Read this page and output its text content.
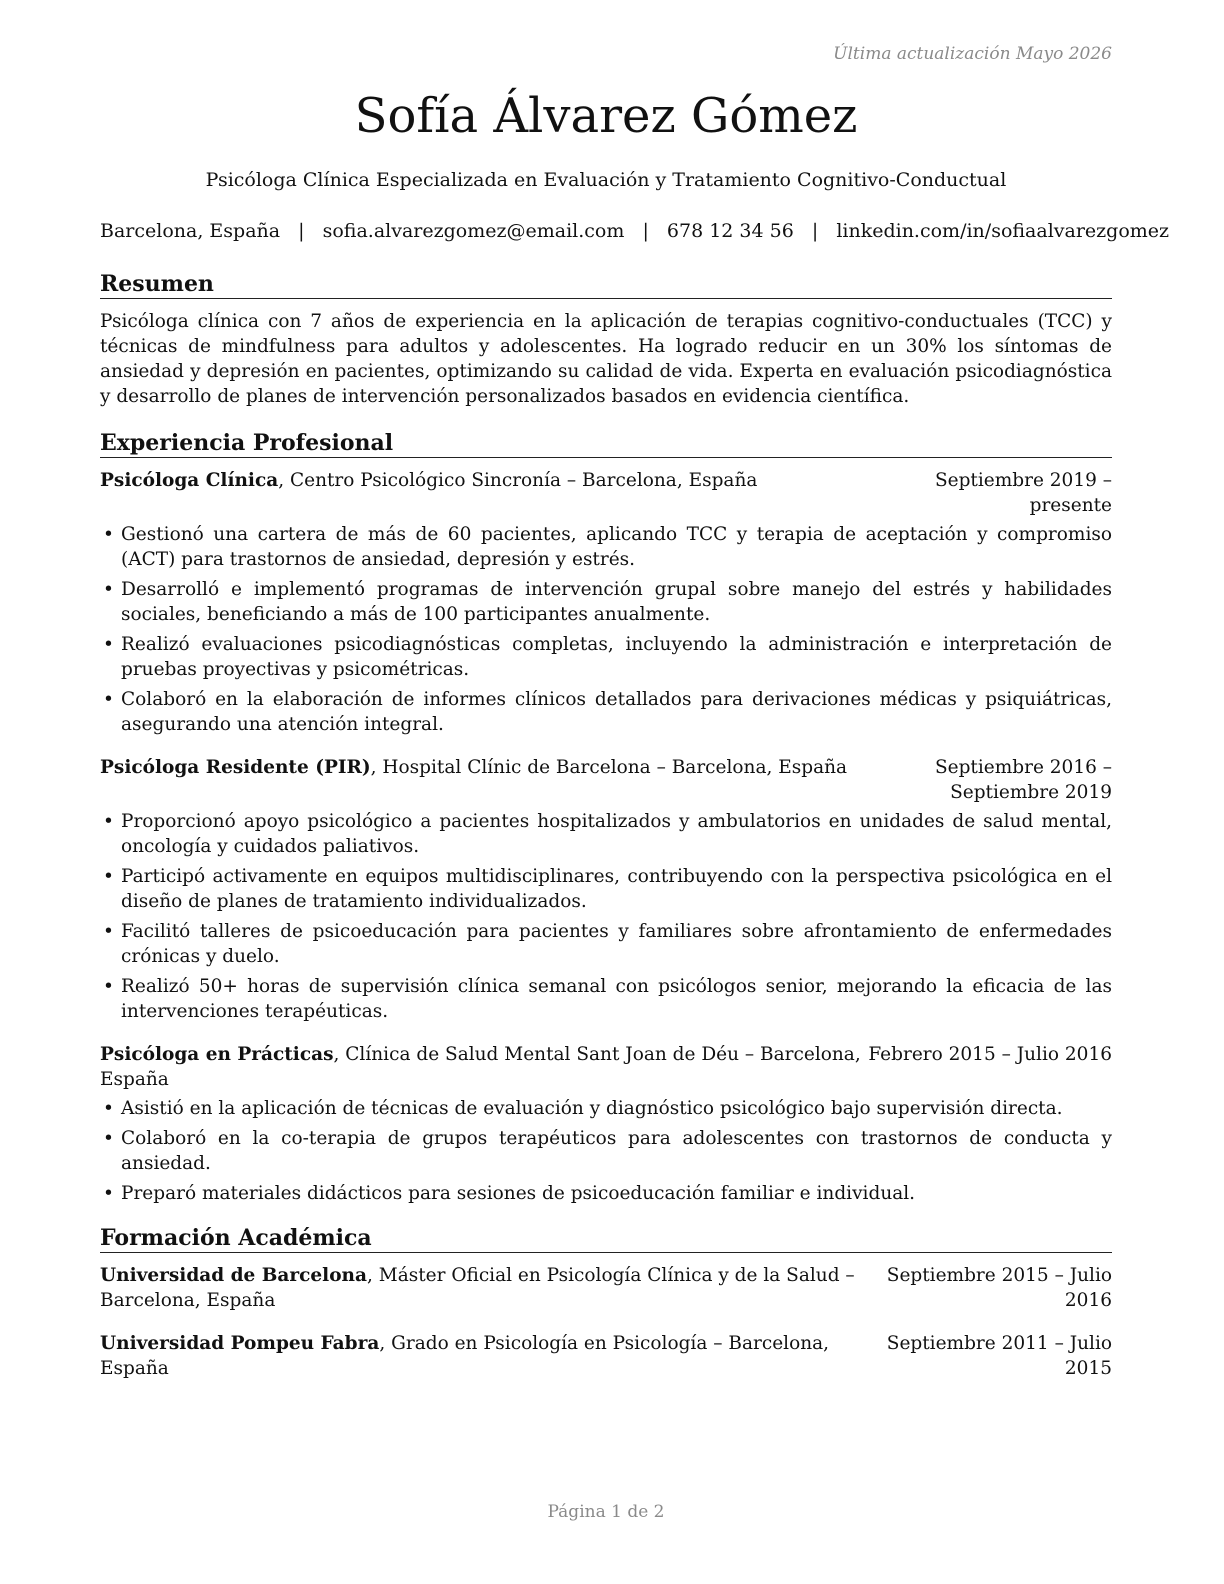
Última actualización Mayo 2026
Sofía Álvarez Gómez
Psicóloga Clínica Especializada en Evaluación y Tratamiento Cognitivo-Conductual
Barcelona, España | sofia.alvarezgomez@email.com | 678 12 34 56 | linkedin.com/in/sofiaalvarezgomez
Resumen

Psicóloga clínica con 7 años de experiencia en la aplicación de terapias cognitivo-conductuales (TCC) y técnicas de mindfulness para adultos y adolescentes. Ha logrado reducir en un 30% los síntomas de ansiedad y depresión en pacientes, optimizando su calidad de vida. Experta en evaluación psicodiagnóstica y desarrollo de planes de intervención personalizados basados en evidencia científica.

Experiencia Profesional
Psicóloga Clínica, Centro Psicológico Sincronía – Barcelona, España	Septiembre 2019 – presente
• Gestionó una cartera de más de 60 pacientes, aplicando TCC y terapia de aceptación y compromiso (ACT) para trastornos de ansiedad, depresión y estrés.
• Desarrolló e implementó programas de intervención grupal sobre manejo del estrés y habilidades sociales, beneficiando a más de 100 participantes anualmente.
• Realizó evaluaciones psicodiagnósticas completas, incluyendo la administración e interpretación de pruebas proyectivas y psicométricas.
• Colaboró en la elaboración de informes clínicos detallados para derivaciones médicas y psiquiátricas, asegurando una atención integral.
Psicóloga Residente (PIR), Hospital Clínic de Barcelona – Barcelona, España	Septiembre 2016 – Septiembre 2019
• Proporcionó apoyo psicológico a pacientes hospitalizados y ambulatorios en unidades de salud mental, oncología y cuidados paliativos.
• Participó activamente en equipos multidisciplinares, contribuyendo con la perspectiva psicológica en el diseño de planes de tratamiento individualizados.
• Facilitó talleres de psicoeducación para pacientes y familiares sobre afrontamiento de enfermedades crónicas y duelo.
• Realizó 50+ horas de supervisión clínica semanal con psicólogos senior, mejorando la eficacia de las intervenciones terapéuticas.
Psicóloga en Prácticas, Clínica de Salud Mental Sant Joan de Déu – Barcelona, España
Febrero 2015 – Julio 2016
• Asistió en la aplicación de técnicas de evaluación y diagnóstico psicológico bajo supervisión directa.
• Colaboró en la co-terapia de grupos terapéuticos para adolescentes con trastornos de conducta y ansiedad.
• Preparó materiales didácticos para sesiones de psicoeducación familiar e individual.
Formación Académica
Universidad de Barcelona, Máster Oficial en Psicología Clínica y de la Salud – Barcelona, España
Septiembre 2015 – Julio 2016
Universidad Pompeu Fabra, Grado en Psicología en Psicología – Barcelona, España
Septiembre 2011 – Julio 2015
Página 1 de 2
